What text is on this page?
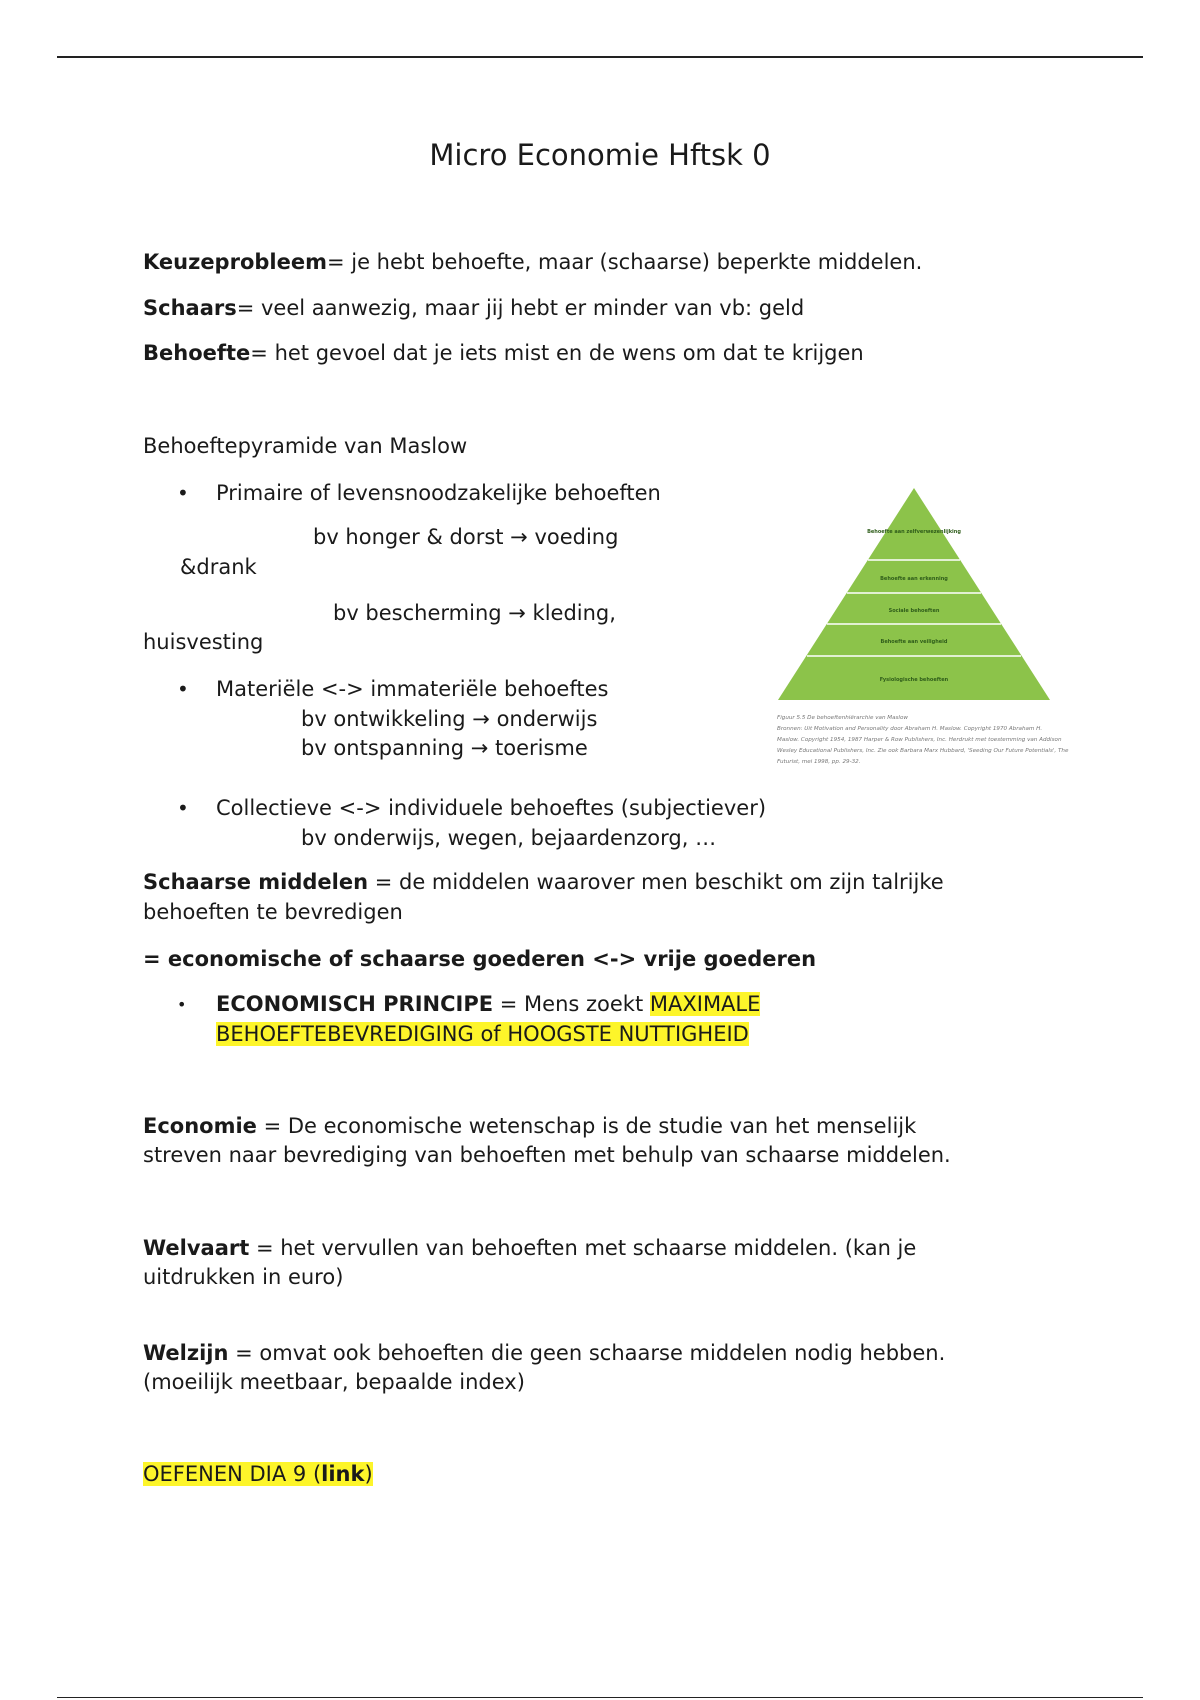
Micro Economie Hftsk 0
Keuzeprobleem= je hebt behoefte, maar (schaarse) beperkte middelen.
Schaars= veel aanwezig, maar jij hebt er minder van vb: geld
Behoefte= het gevoel dat je iets mist en de wens om dat te krijgen
Behoeftepyramide van Maslow
• Primaire of levensnoodzakelijke behoeften
bv honger & dorst → voeding
&drank
bv bescherming → kleding,
huisvesting
• Materiële <-> immateriële behoeftes
bv ontwikkeling → onderwijs
bv ontspanning → toerisme
• Collectieve <-> individuele behoeftes (subjectiever)
bv onderwijs, wegen, bejaardenzorg, …
Behoefte aan zelfverwezenlijking
Behoefte aan erkenning
Sociale behoeften
Behoefte aan veiligheid
Fysiologische behoeften
Figuur 5.5 De behoeftenhiërarchie van Maslow
Bronnen: Uit Motivation and Personality door Abraham H. Maslow. Copyright 1970 Abraham H.
Maslow. Copyright 1954, 1987 Harper & Row Publishers, Inc. Herdrukt met toestemming van Addison
Wesley Educational Publishers, Inc. Zie ook Barbara Marx Hubbard, 'Seeding Our Future Potentials', The
Futurist, mei 1998, pp. 29-32.
Schaarse middelen = de middelen waarover men beschikt om zijn talrijke
behoeften te bevredigen
= economische of schaarse goederen <-> vrije goederen
• ECONOMISCH PRINCIPE = Mens zoekt MAXIMALE
BEHOEFTEBEVREDIGING of HOOGSTE NUTTIGHEID
Economie = De economische wetenschap is de studie van het menselijk
streven naar bevrediging van behoeften met behulp van schaarse middelen.
Welvaart = het vervullen van behoeften met schaarse middelen. (kan je
uitdrukken in euro)
Welzijn = omvat ook behoeften die geen schaarse middelen nodig hebben.
(moeilijk meetbaar, bepaalde index)
OEFENEN DIA 9 (link)
